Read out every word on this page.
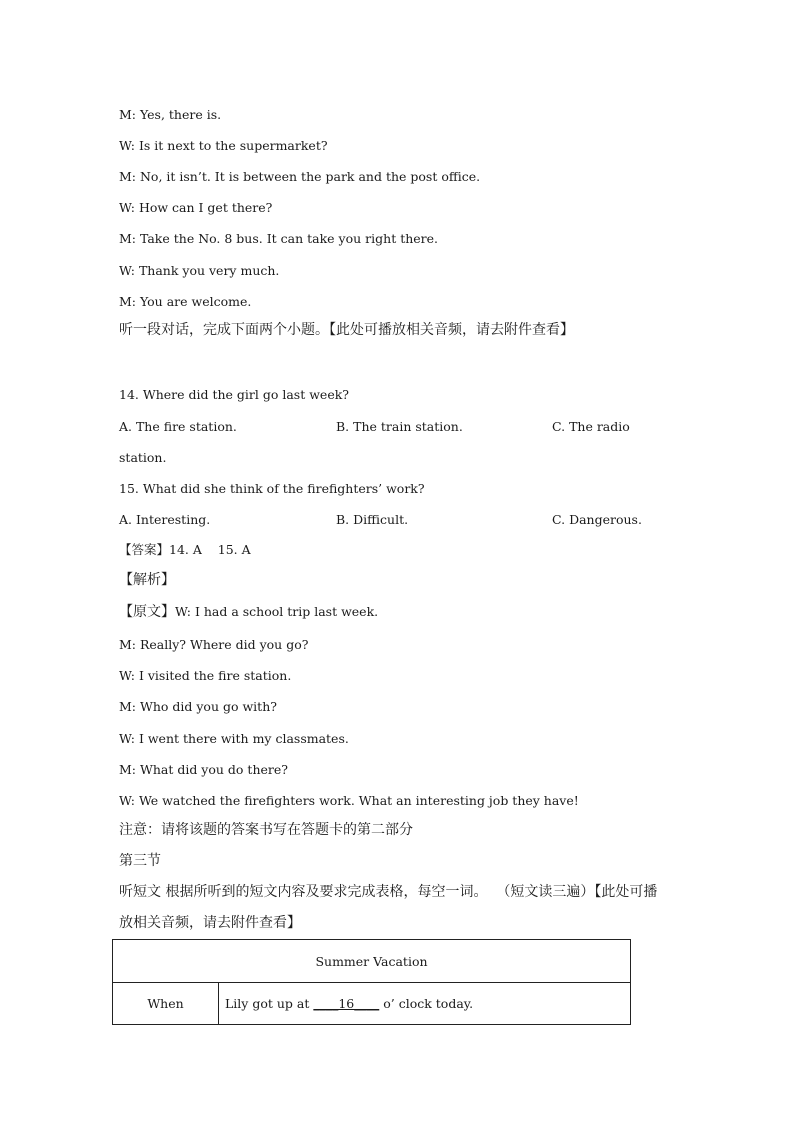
M: Yes, there is.
W: Is it next to the supermarket?
M: No, it isn’t. It is between the park and the post office.
W: How can I get there?
M: Take the No. 8 bus. It can take you right there.
W: Thank you very much.
M: You are welcome.
听一段对话，完成下面两个小题。【此处可播放相关音频，请去附件查看】
14. Where did the girl go last week?
A. The fire station.	B. The train station.	C. The radio
station.
15. What did she think of the firefighters’ work?
A. Interesting.	B. Difficult.	C. Dangerous.
【答案】14. A    15. A
【解析】
【原文】W: I had a school trip last week.
M: Really? Where did you go?
W: I visited the fire station.
M: Who did you go with?
W: I went there with my classmates.
M: What did you do there?
W: We watched the firefighters work. What an interesting job they have!
注意：请将该题的答案书写在答题卡的第二部分
第三节
听短文 根据所听到的短文内容及要求完成表格，每空一词。  （短文读三遍）【此处可播
放相关音频，请去附件查看】
Summer Vacation
When	Lily got up at ____16____ o’ clock today.
